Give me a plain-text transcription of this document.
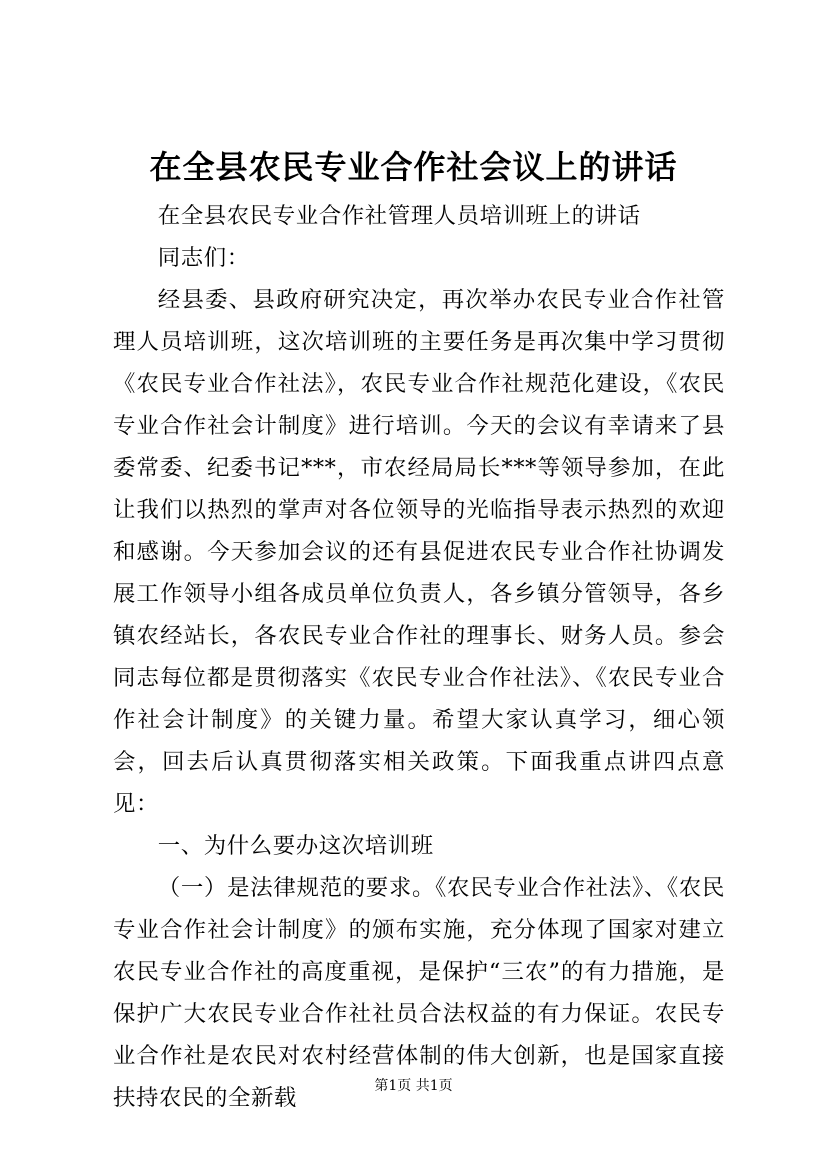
在全县农民专业合作社会议上的讲话

在全县农民专业合作社管理人员培训班上的讲话

同志们：

经县委、县政府研究决定，再次举办农民专业合作社管理人员培训班，这次培训班的主要任务是再次集中学习贯彻《农民专业合作社法》，农民专业合作社规范化建设，《农民专业合作社会计制度》进行培训。今天的会议有幸请来了县委常委、纪委书记***，市农经局局长***等领导参加，在此让我们以热烈的掌声对各位领导的光临指导表示热烈的欢迎和感谢。今天参加会议的还有县促进农民专业合作社协调发展工作领导小组各成员单位负责人，各乡镇分管领导，各乡镇农经站长，各农民专业合作社的理事长、财务人员。参会同志每位都是贯彻落实《农民专业合作社法》、《农民专业合作社会计制度》的关键力量。希望大家认真学习，细心领会，回去后认真贯彻落实相关政策。下面我重点讲四点意见：

一、为什么要办这次培训班

（一）是法律规范的要求。《农民专业合作社法》、《农民专业合作社会计制度》的颁布实施，充分体现了国家对建立农民专业合作社的高度重视，是保护“三农”的有力措施，是保护广大农民专业合作社社员合法权益的有力保证。农民专业合作社是农民对农村经营体制的伟大创新，也是国家直接扶持农民的全新载	第1页 共1页
